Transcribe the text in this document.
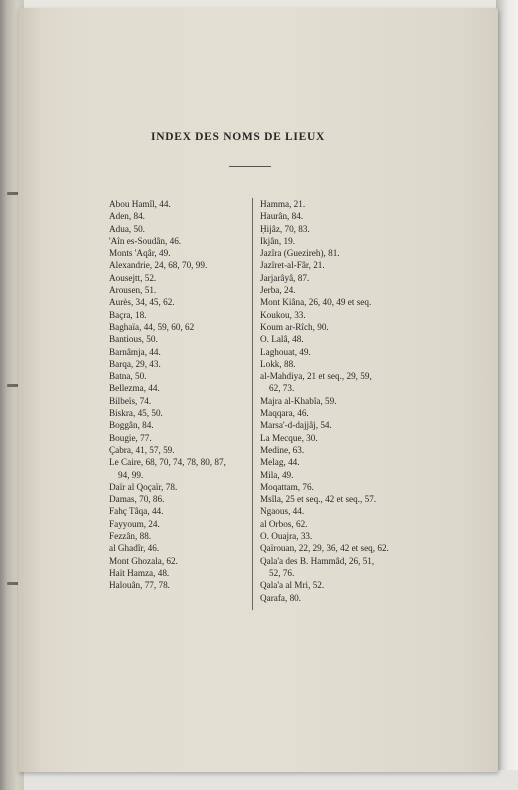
INDEX DES NOMS DE LIEUX
Abou Hamîl, 44.
Aden, 84.
Adua, 50.
'Aîn es-Soudân, 46.
Monts 'Aqâr, 49.
Alexandrie, 24, 68, 70, 99.
Aousejtt, 52.
Arousen, 51.
Aurès, 34, 45, 62.
Baçra, 18.
Baghaïa, 44, 59, 60, 62
Bantious, 50.
Barnâmja, 44.
Barqa, 29, 43.
Batna, 50.
Bellezma, 44.
Bilbeïs, 74.
Biskra, 45, 50.
Boggân, 84.
Bougie, 77.
Çabra, 41, 57, 59.
Le Caire, 68, 70, 74, 78, 80, 87,
94, 99.
Daïr al Qoçaïr, 78.
Damas, 70, 86.
Fahç Tâqa, 44.
Fayyoum, 24.
Fezzân, 88.
al Ghadîr, 46.
Mont Ghozala, 62.
Haït Hamza, 48.
Halouân, 77, 78.
Hamma, 21.
Haurân, 84.
Ḥijâz, 70, 83.
Ikjân, 19.
Jazîra (Guezireh), 81.
Jazîret-al-Fâr, 21.
Jarjarâyâ, 87.
Jerba, 24.
Mont Kiâna, 26, 40, 49 et seq.
Koukou, 33.
Koum ar-Rîch, 90.
O. Lalâ, 48.
Laghouat, 49.
Lokk, 88.
al-Mahdiya, 21 et seq., 29, 59,
62, 73.
Majra al-Khabîa, 59.
Maqqara, 46.
Marsa'-d-dajjâj, 54.
La Mecque, 30.
Medine, 63.
Melag, 44.
Mila, 49.
Moqattam, 76.
Msîla, 25 et seq., 42 et seq., 57.
Ngaous, 44.
al Orbos, 62.
O. Ouajra, 33.
Qaïrouan, 22, 29, 36, 42 et seq, 62.
Qala'a des B. Hammâd, 26, 51,
52, 76.
Qala'a al Mri, 52.
Qarafa, 80.
